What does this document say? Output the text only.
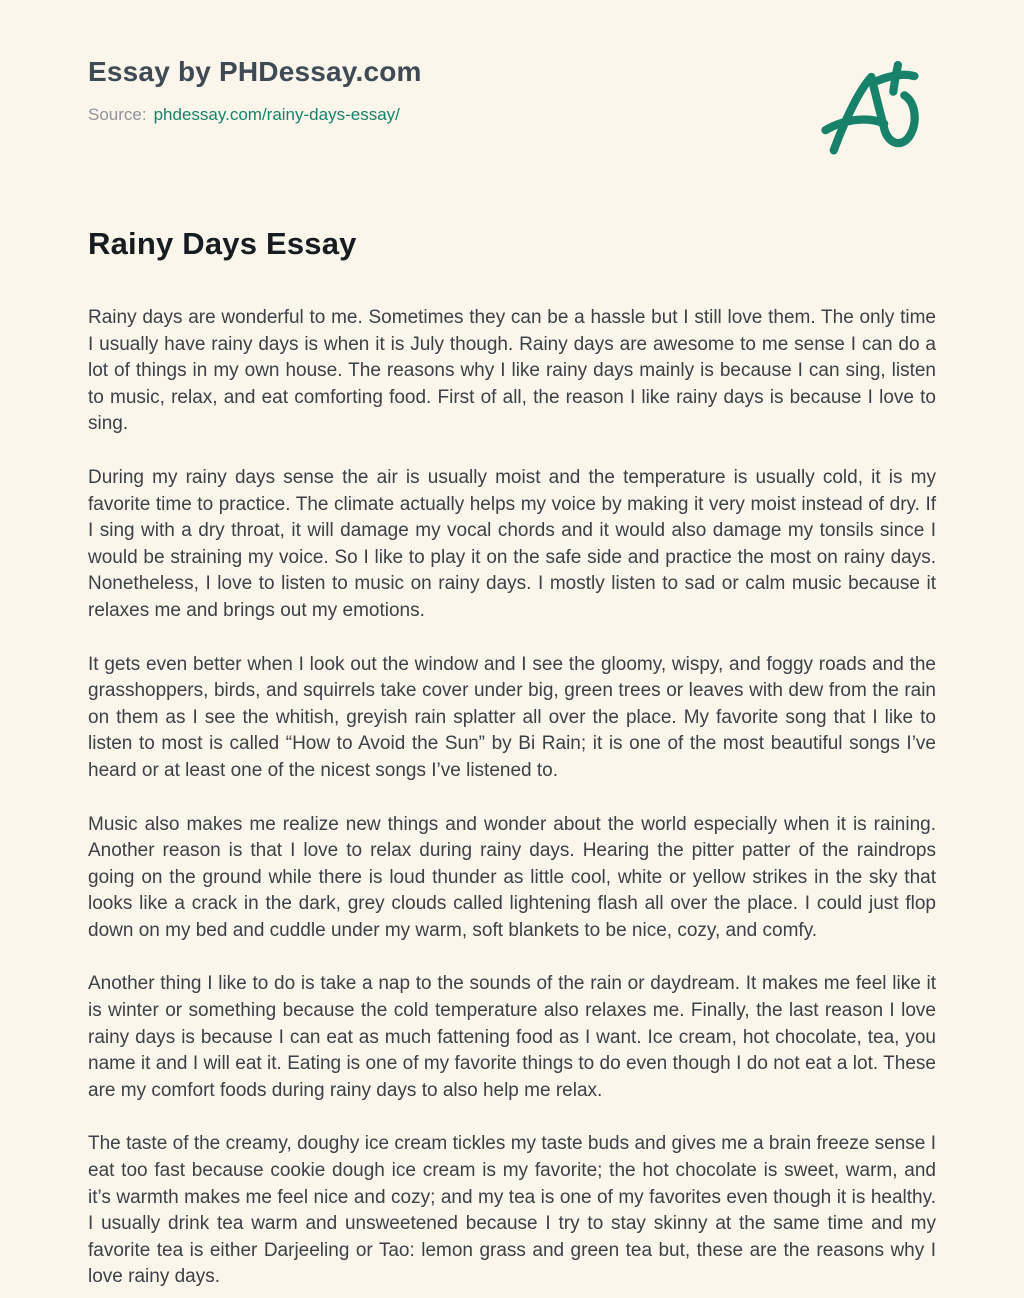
Essay by PHDessay.com

Source: phdessay.com/rainy-days-essay/

Rainy Days Essay

Rainy days are wonderful to me. Sometimes they can be a hassle but I still love them. The only time I usually have rainy days is when it is July though. Rainy days are awesome to me sense I can do a lot of things in my own house. The reasons why I like rainy days mainly is because I can sing, listen to music, relax, and eat comforting food. First of all, the reason I like rainy days is because I love to sing.

During my rainy days sense the air is usually moist and the temperature is usually cold, it is my favorite time to practice. The climate actually helps my voice by making it very moist instead of dry. If I sing with a dry throat, it will damage my vocal chords and it would also damage my tonsils since I would be straining my voice. So I like to play it on the safe side and practice the most on rainy days. Nonetheless, I love to listen to music on rainy days. I mostly listen to sad or calm music because it relaxes me and brings out my emotions.

It gets even better when I look out the window and I see the gloomy, wispy, and foggy roads and the grasshoppers, birds, and squirrels take cover under big, green trees or leaves with dew from the rain on them as I see the whitish, greyish rain splatter all over the place. My favorite song that I like to listen to most is called “How to Avoid the Sun” by Bi Rain; it is one of the most beautiful songs I’ve heard or at least one of the nicest songs I’ve listened to.

Music also makes me realize new things and wonder about the world especially when it is raining. Another reason is that I love to relax during rainy days. Hearing the pitter patter of the raindrops going on the ground while there is loud thunder as little cool, white or yellow strikes in the sky that looks like a crack in the dark, grey clouds called lightening flash all over the place. I could just flop down on my bed and cuddle under my warm, soft blankets to be nice, cozy, and comfy.

Another thing I like to do is take a nap to the sounds of the rain or daydream. It makes me feel like it is winter or something because the cold temperature also relaxes me. Finally, the last reason I love rainy days is because I can eat as much fattening food as I want. Ice cream, hot chocolate, tea, you name it and I will eat it. Eating is one of my favorite things to do even though I do not eat a lot. These are my comfort foods during rainy days to also help me relax.

The taste of the creamy, doughy ice cream tickles my taste buds and gives me a brain freeze sense I eat too fast because cookie dough ice cream is my favorite; the hot chocolate is sweet, warm, and it’s warmth makes me feel nice and cozy; and my tea is one of my favorites even though it is healthy. I usually drink tea warm and unsweetened because I try to stay skinny at the same time and my favorite tea is either Darjeeling or Tao: lemon grass and green tea but, these are the reasons why I love rainy days.
